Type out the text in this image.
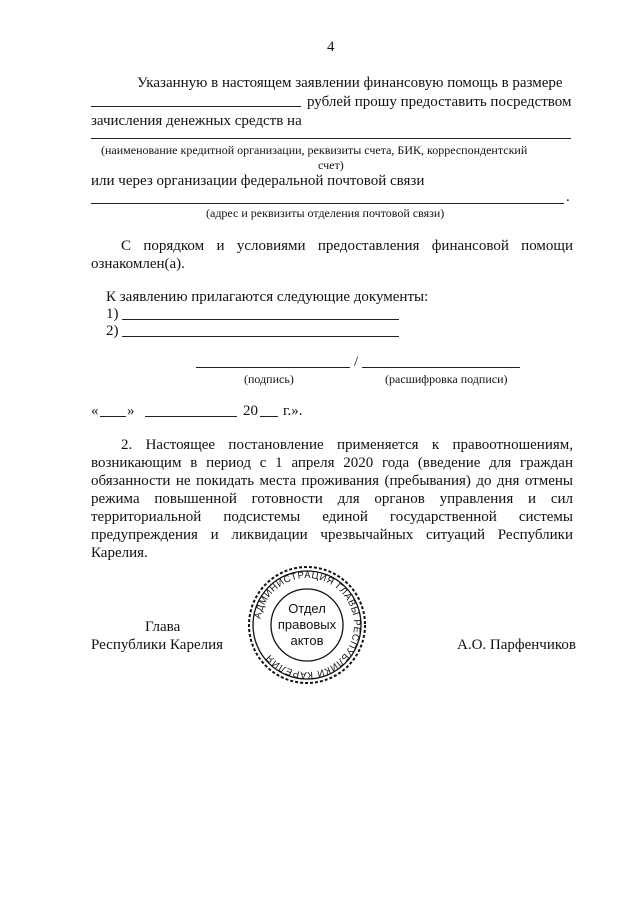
4
Указанную в настоящем заявлении финансовую помощь в размере
рублей прошу предоставить посредством
зачисления денежных средств на
(наименование кредитной организации, реквизиты счета, БИК, корреспондентский
счет)
или через организации федеральной почтовой связи
.
(адрес и реквизиты отделения почтовой связи)
С порядком и условиями предоставления финансовой помощи
ознакомлен(а).
К заявлению прилагаются следующие документы:
1)
2)
/
(подпись)	(расшифровка подписи)
« »	20 г.».
2. Настоящее постановление применяется к правоотношениям,
возникающим в период с 1 апреля 2020 года (введение для граждан
обязанности не покидать места проживания (пребывания) до дня отмены
режима повышенной готовности для органов управления и сил
территориальной подсистемы единой государственной системы
предупреждения и ликвидации чрезвычайных ситуаций Республики
Карелия.
Глава
Республики Карелия	А.О. Парфенчиков
АДМИНИСТРАЦИЯ ГЛАВЫ РЕСПУБЛИКИ КАРЕЛИЯ
Отдел
правовых
актов
